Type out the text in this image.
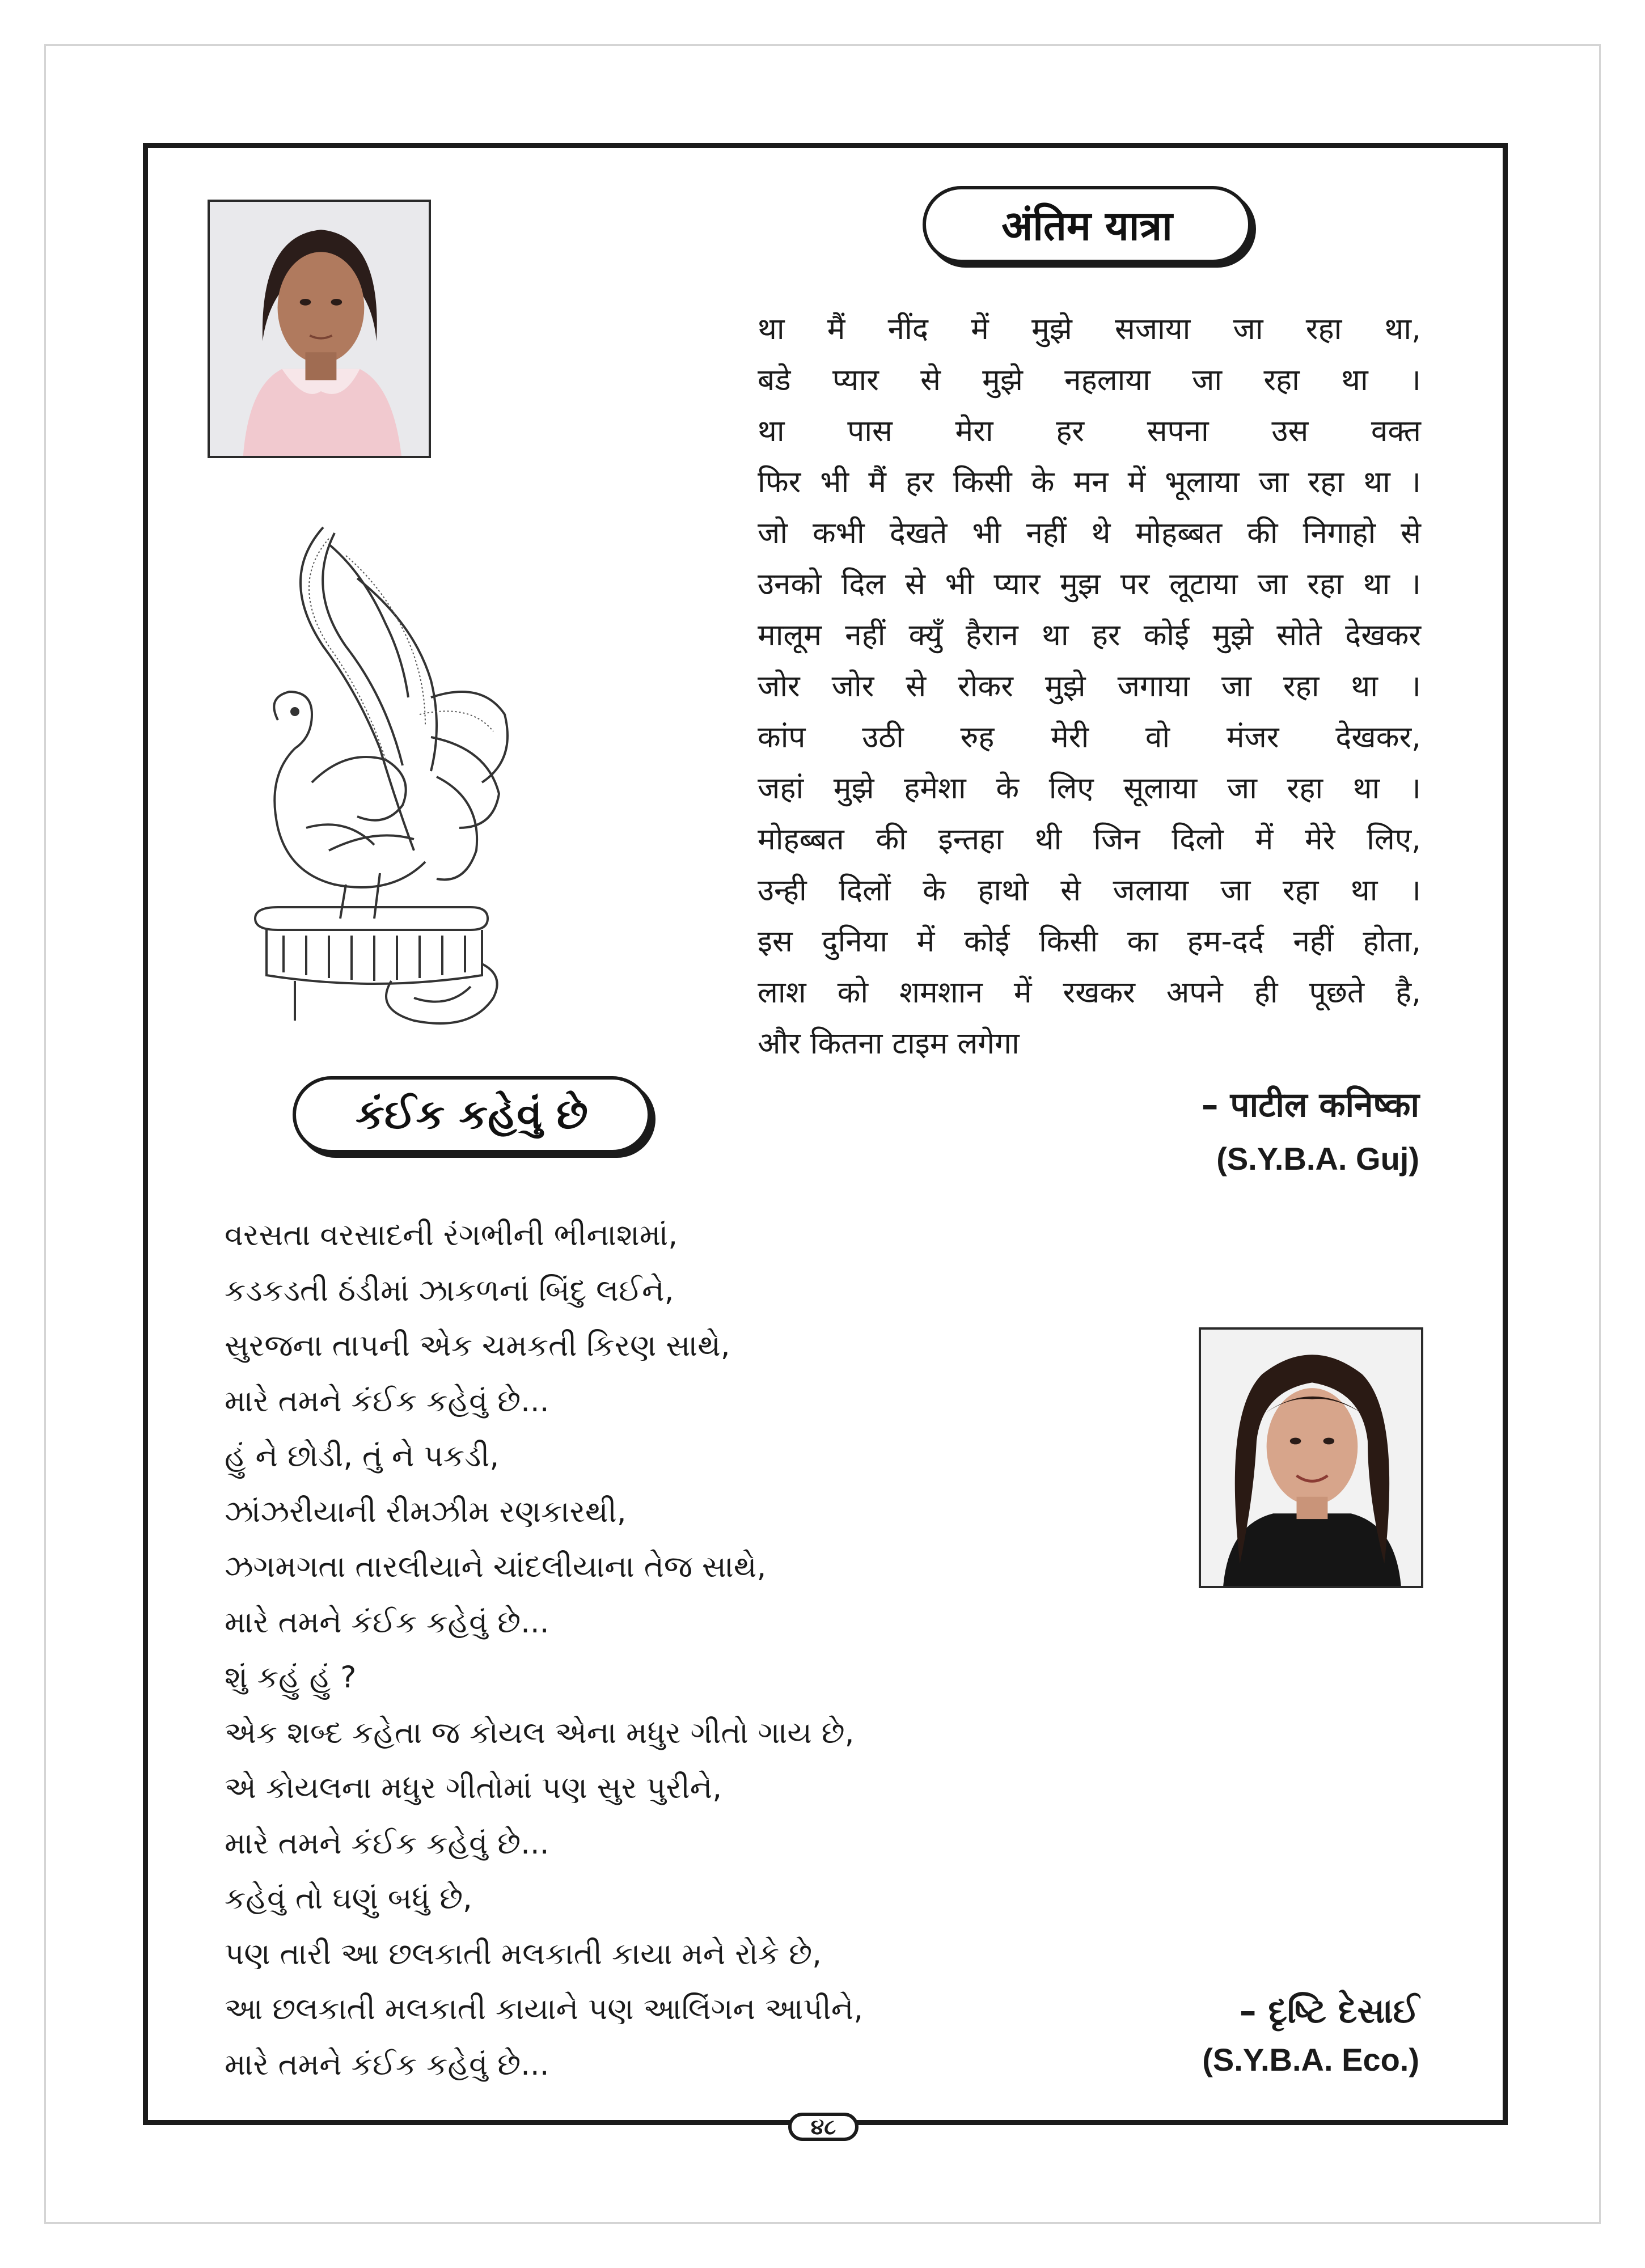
अंतिम यात्रा
था मैं नींद में मुझे सजाया जा रहा था,
बडे प्यार से मुझे नहलाया जा रहा था ।
था पास मेरा हर सपना उस वक्त
फिर भी मैं हर किसी के मन में भूलाया जा रहा था ।
जो कभी देखते भी नहीं थे मोहब्बत की निगाहो से
उनको दिल से भी प्यार मुझ पर लूटाया जा रहा था ।
मालूम नहीं क्युँ हैरान था हर कोई मुझे सोते देखकर
जोर जोर से रोकर मुझे जगाया जा रहा था ।
कांप उठी रुह मेरी वो मंजर देखकर,
जहां मुझे हमेशा के लिए सूलाया जा रहा था ।
मोहब्बत की इन्तहा थी जिन दिलो में मेरे लिए,
उन्ही दिलों के हाथो से जलाया जा रहा था ।
इस दुनिया में कोई किसी का हम-दर्द नहीं होता,
लाश को शमशान में रखकर अपने ही पूछते है,
और कितना टाइम लगेगा
– पाटील कनिष्का
(S.Y.B.A. Guj)
કંઈક કહેવું છે
વરસતા વરસાદની રંગભીની ભીનાશમાં,
કડકડતી ઠંડીમાં ઝાકળનાં બિંદુ લઈને,
સુરજના તાપની એક ચમકતી કિરણ સાથે,
મારે તમને કંઈક કહેવું છે...
હું ને છોડી, તું ને પકડી,
ઝાંઝરીયાની રીમઝીમ રણકારથી,
ઝગમગતા તારલીયાને ચાંદલીયાના તેજ સાથે,
મારે તમને કંઈક કહેવું છે...
શું કહું હું ?
એક શબ્દ કહેતા જ કોયલ એના મધુર ગીતો ગાય છે,
એ કોયલના મધુર ગીતોમાં પણ સુર પુરીને,
મારે તમને કંઈક કહેવું છે...
કહેવું તો ઘણું બધું છે,
પણ તારી આ છલકાતી મલકાતી કાયા મને રોકે છે,
આ છલકાતી મલકાતી કાયાને પણ આલિંગન આપીને,
મારે તમને કંઈક કહેવું છે...
– દૃષ્ટિ દેસાઈ
(S.Y.B.A. Eco.)
૪૮
